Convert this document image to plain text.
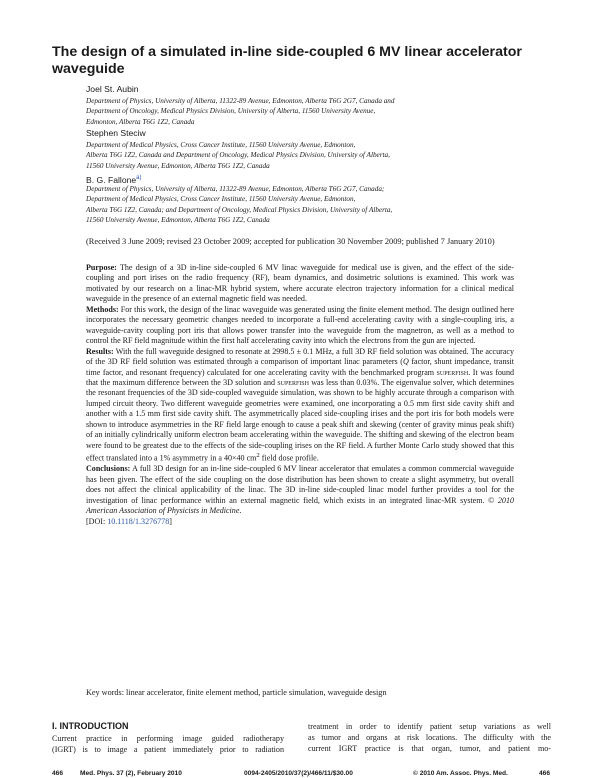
The design of a simulated in-line side-coupled 6 MV linear accelerator waveguide
Joel St. Aubin
Department of Physics, University of Alberta, 11322-89 Avenue, Edmonton, Alberta T6G 2G7, Canada and
Department of Oncology, Medical Physics Division, University of Alberta, 11560 University Avenue,
Edmonton, Alberta T6G 1Z2, Canada
Stephen Steciw
Department of Medical Physics, Cross Cancer Institute, 11560 University Avenue, Edmonton,
Alberta T6G 1Z2, Canada and Department of Oncology, Medical Physics Division, University of Alberta,
11560 University Avenue, Edmonton, Alberta T6G 1Z2, Canada
B. G. Fallone$^{a)}$
Department of Physics, University of Alberta, 11322-89 Avenue, Edmonton, Alberta T6G 2G7, Canada;
Department of Medical Physics, Cross Cancer Institute, 11560 University Avenue, Edmonton,
Alberta T6G 1Z2, Canada; and Department of Oncology, Medical Physics Division, University of Alberta,
11560 University Avenue, Edmonton, Alberta T6G 1Z2, Canada
(Received 3 June 2009; revised 23 October 2009; accepted for publication 30 November 2009; published 7 January 2010)

Purpose: The design of a 3D in-line side-coupled 6 MV linac waveguide for medical use is given, and the effect of the side-coupling and port irises on the radio frequency (RF), beam dynamics, and dosimetric solutions is examined. This work was motivated by our research on a linac-MR hybrid system, where accurate electron trajectory information for a clinical medical waveguide in the presence of an external magnetic field was needed.

Methods: For this work, the design of the linac waveguide was generated using the finite element method. The design outlined here incorporates the necessary geometric changes needed to incorporate a full-end accelerating cavity with a single-coupling iris, a waveguide-cavity coupling port iris that allows power transfer into the waveguide from the magnetron, as well as a method to control the RF field magnitude within the first half accelerating cavity into which the electrons from the gun are injected.

Results: With the full waveguide designed to resonate at 2998.5 ± 0.1 MHz, a full 3D RF field solution was obtained. The accuracy of the 3D RF field solution was estimated through a comparison of important linac parameters (Q factor, shunt impedance, transit time factor, and resonant frequency) calculated for one accelerating cavity with the benchmarked program superfish. It was found that the maximum difference between the 3D solution and superfish was less than 0.03%. The eigenvalue solver, which determines the resonant frequencies of the 3D side-coupled waveguide simulation, was shown to be highly accurate through a comparison with lumped circuit theory. Two different waveguide geometries were examined, one incorporating a 0.5 mm first side cavity shift and another with a 1.5 mm first side cavity shift. The asymmetrically placed side-coupling irises and the port iris for both models were shown to introduce asymmetries in the RF field large enough to cause a peak shift and skewing (center of gravity minus peak shift) of an initially cylindrically uniform electron beam accelerating within the waveguide. The shifting and skewing of the electron beam were found to be greatest due to the effects of the side-coupling irises on the RF field. A further Monte Carlo study showed that this effect translated into a 1% asymmetry in a 40×40 $cm^2$ field dose profile.

Conclusions: A full 3D design for an in-line side-coupled 6 MV linear accelerator that emulates a common commercial waveguide has been given. The effect of the side coupling on the dose distribution has been shown to create a slight asymmetry, but overall does not affect the clinical applicability of the linac. The 3D in-line side-coupled linac model further provides a tool for the investigation of linac performance within an external magnetic field, which exists in an integrated linac-MR system. © 2010 American Association of Physicists in Medicine.

[DOI: 10.1118/1.3276778]

Key words: linear accelerator, finite element method, particle simulation, waveguide design
I. INTRODUCTION
Current practice in performing image guided radiotherapy
(IGRT) is to image a patient immediately prior to radiation
treatment in order to identify patient setup variations as well
as tumor and organs at risk locations. The difficulty with the
current IGRT practice is that organ, tumor, and patient mo-
466	Med. Phys. 37 (2), February 2010	0094-2405/2010/37(2)/466/11/$30.00	© 2010 Am. Assoc. Phys. Med.	466
